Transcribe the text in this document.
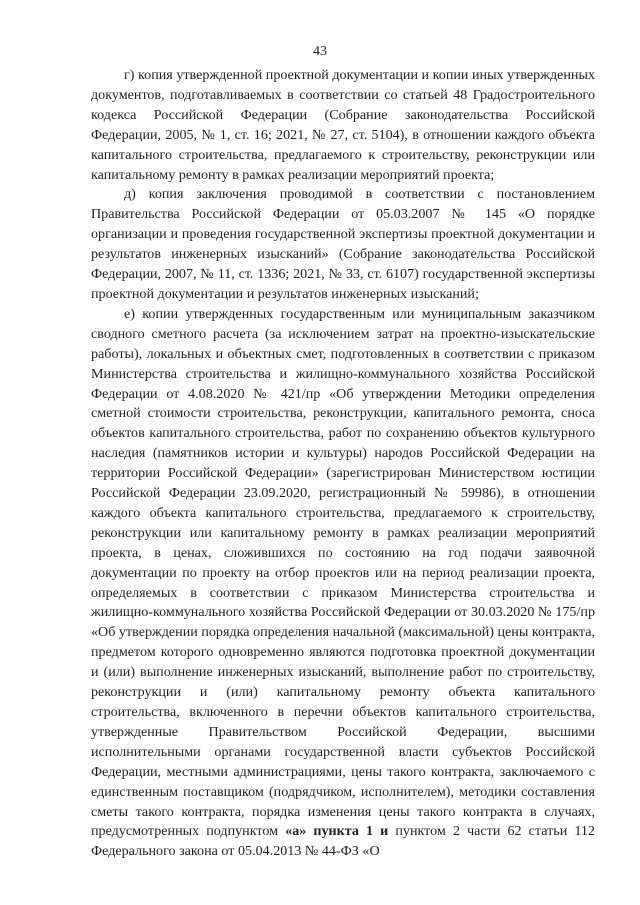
43

г) копия утвержденной проектной документации и копии иных утвержденных документов, подготавливаемых в соответствии со статьей 48 Градостроительного кодекса Российской Федерации (Собрание законодательства Российской Федерации, 2005, № 1, ст. 16; 2021, № 27, ст. 5104), в отношении каждого объекта капитального строительства, предлагаемого к строительству, реконструкции или капитальному ремонту в рамках реализации мероприятий проекта;

д) копия заключения проводимой в соответствии с постановлением Правительства Российской Федерации от 05.03.2007 № 145 «О порядке организации и проведения государственной экспертизы проектной документации и результатов инженерных изысканий» (Собрание законодательства Российской Федерации, 2007, № 11, ст. 1336; 2021, № 33, ст. 6107) государственной экспертизы проектной документации и результатов инженерных изысканий;

е) копии утвержденных государственным или муниципальным заказчиком сводного сметного расчета (за исключением затрат на проектно-изыскательские работы), локальных и объектных смет, подготовленных в соответствии с приказом Министерства строительства и жилищно-коммунального хозяйства Российской Федерации от 4.08.2020 № 421/пр «Об утверждении Методики определения сметной стоимости строительства, реконструкции, капитального ремонта, сноса объектов капитального строительства, работ по сохранению объектов культурного наследия (памятников истории и культуры) народов Российской Федерации на территории Российской Федерации» (зарегистрирован Министерством юстиции Российской Федерации 23.09.2020, регистрационный № 59986), в отношении каждого объекта капитального строительства, предлагаемого к строительству, реконструкции или капитальному ремонту в рамках реализации мероприятий проекта, в ценах, сложившихся по состоянию на год подачи заявочной документации по проекту на отбор проектов или на период реализации проекта, определяемых в соответствии с приказом Министерства строительства и жилищно-коммунального хозяйства Российской Федерации от 30.03.2020 № 175/пр «Об утверждении порядка определения начальной (максимальной) цены контракта, предметом которого одновременно являются подготовка проектной документации и (или) выполнение инженерных изысканий, выполнение работ по строительству, реконструкции и (или) капитальному ремонту объекта капитального строительства, включенного в перечни объектов капитального строительства, утвержденные Правительством Российской Федерации, высшими исполнительными органами государственной власти субъектов Российской Федерации, местными администрациями, цены такого контракта, заключаемого с единственным поставщиком (подрядчиком, исполнителем), методики составления сметы такого контракта, порядка изменения цены такого контракта в случаях, предусмотренных подпунктом «а» пункта 1 и пунктом 2 части 62 статьи 112 Федерального закона от 05.04.2013 № 44-ФЗ «О
